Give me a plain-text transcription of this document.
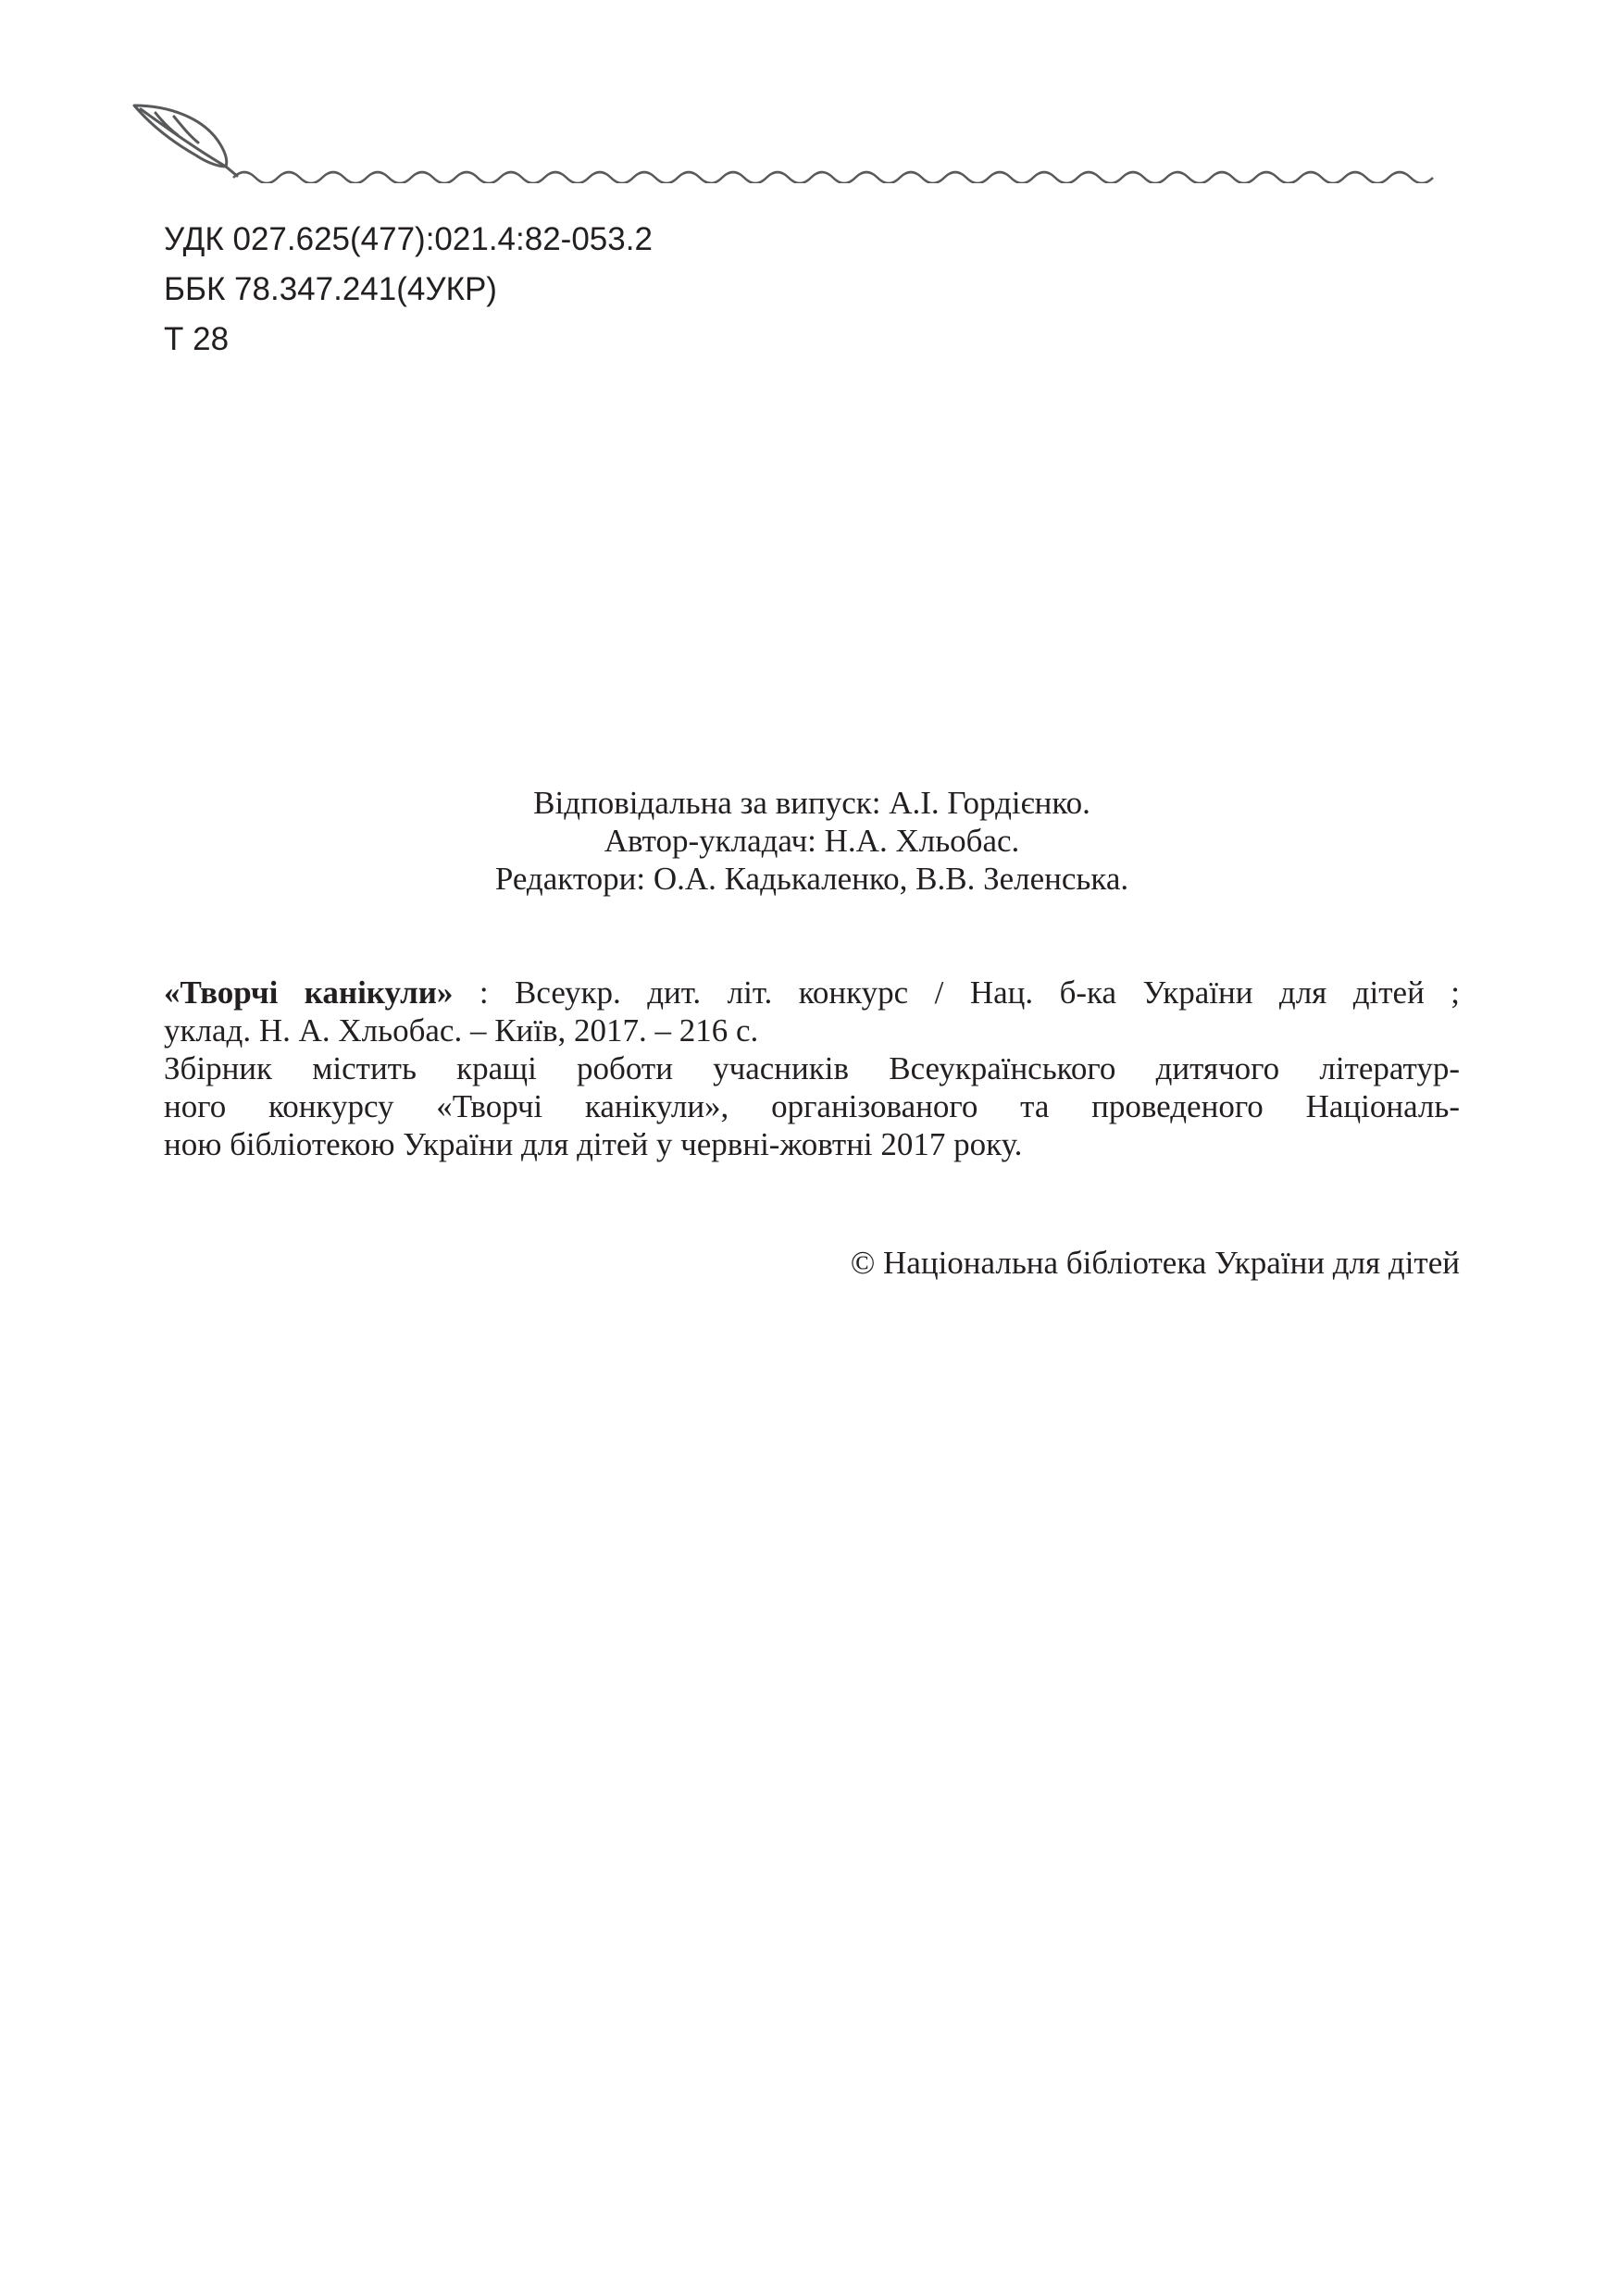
УДК 027.625(477):021.4:82-053.2
ББК 78.347.241(4УКР)
Т 28
Відповідальна за випуск: А.І. Гордієнко.
Автор-укладач: Н.А. Хльобас.
Редактори: О.А. Кадькаленко, В.В. Зеленська.
«Творчі канікули» : Всеукр. дит. літ. конкурс / Нац. б-ка України для дітей ;
уклад. Н. А. Хльобас. – Київ, 2017. – 216 с.
Збірник містить кращі роботи учасників Всеукраїнського дитячого літератур-
ного конкурсу «Творчі канікули», організованого та проведеного Національ-
ною бібліотекою України для дітей у червні-жовтні 2017 року.
© Національна бібліотека України для дітей
